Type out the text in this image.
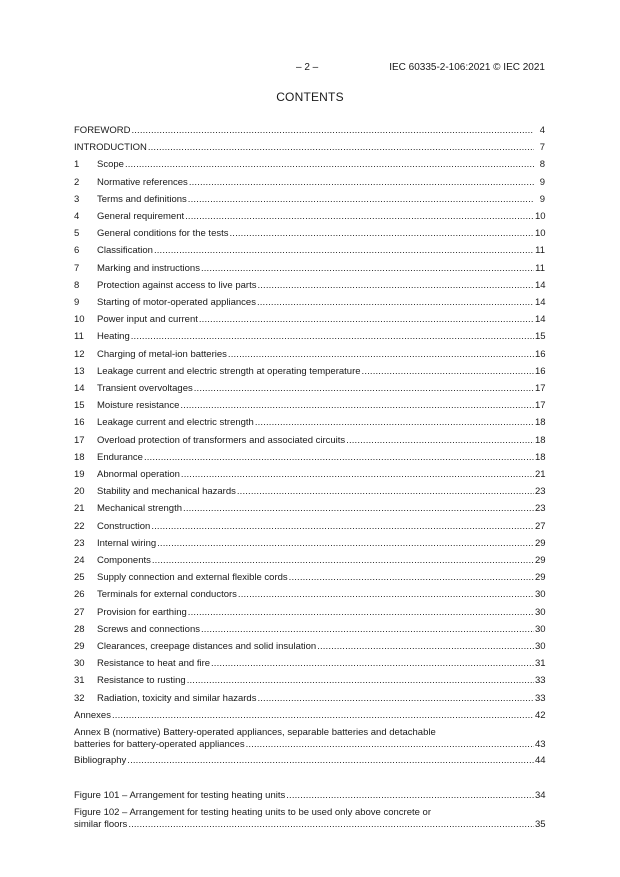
– 2 –	IEC 60335-2-106:2021 © IEC 2021
CONTENTS
FOREWORD .....	4
INTRODUCTION .....	7
1	Scope .....	8
2	Normative references .....	9
3	Terms and definitions .....	9
4	General requirement .....	10
5	General conditions for the tests .....	10
6	Classification .....	11
7	Marking and instructions .....	11
8	Protection against access to live parts .....	14
9	Starting of motor-operated appliances .....	14
10	Power input and current .....	14
11	Heating .....	15
12	Charging of metal-ion batteries .....	16
13	Leakage current and electric strength at operating temperature .....	16
14	Transient overvoltages .....	17
15	Moisture resistance .....	17
16	Leakage current and electric strength .....	18
17	Overload protection of transformers and associated circuits .....	18
18	Endurance .....	18
19	Abnormal operation .....	21
20	Stability and mechanical hazards .....	23
21	Mechanical strength .....	23
22	Construction .....	27
23	Internal wiring .....	29
24	Components .....	29
25	Supply connection and external flexible cords .....	29
26	Terminals for external conductors .....	30
27	Provision for earthing .....	30
28	Screws and connections .....	30
29	Clearances, creepage distances and solid insulation .....	30
30	Resistance to heat and fire .....	31
31	Resistance to rusting .....	33
32	Radiation, toxicity and similar hazards .....	33
Annexes .....	42
Annex B (normative) Battery-operated appliances, separable batteries and detachable
batteries for battery-operated appliances .....	43
Bibliography .....	44
Figure 101 – Arrangement for testing heating units .....	34
Figure 102 – Arrangement for testing heating units to be used only above concrete or
similar floors .....	35
